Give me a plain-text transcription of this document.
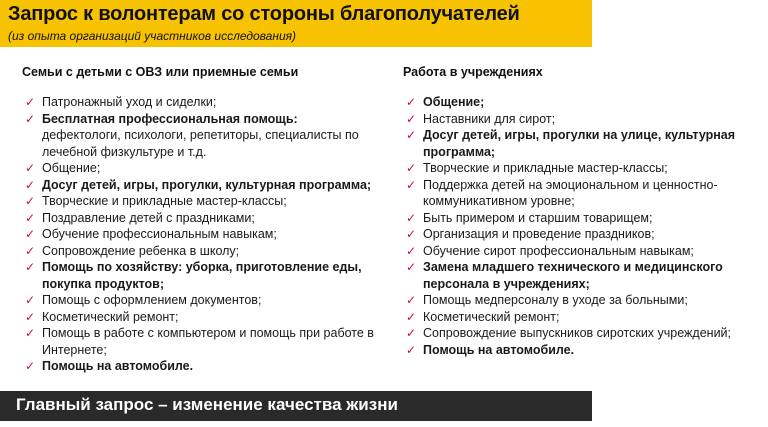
Запрос к волонтерам со стороны благополучателей
(из опыта организаций участников исследования)
Семьи с детьми с ОВЗ или приемные семьи
✓ Патронажный уход и сиделки;
✓ Бесплатная профессиональная помощь: дефектологи, психологи, репетиторы, специалисты по лечебной физкультуре и т.д.
✓ Общение;
✓ Досуг детей, игры, прогулки, культурная программа;
✓ Творческие и прикладные мастер-классы;
✓ Поздравление детей с праздниками;
✓ Обучение профессиональным навыкам;
✓ Сопровождение ребенка в школу;
✓ Помощь по хозяйству: уборка, приготовление еды, покупка продуктов;
✓ Помощь с оформлением документов;
✓ Косметический ремонт;
✓ Помощь в работе с компьютером и помощь при работе в Интернете;
✓ Помощь на автомобиле.
Работа в учреждениях
✓ Общение;
✓ Наставники для сирот;
✓ Досуг детей, игры, прогулки на улице, культурная программа;
✓ Творческие и прикладные мастер-классы;
✓ Поддержка детей на эмоциональном и ценностно-коммуникативном уровне;
✓ Быть примером и старшим товарищем;
✓ Организация и проведение праздников;
✓ Обучение сирот профессиональным навыкам;
✓ Замена младшего технического и медицинского персонала в учреждениях;
✓ Помощь медперсоналу в уходе за больными;
✓ Косметический ремонт;
✓ Сопровождение выпускников сиротских учреждений;
✓ Помощь на автомобиле.
Главный запрос – изменение качества жизни
